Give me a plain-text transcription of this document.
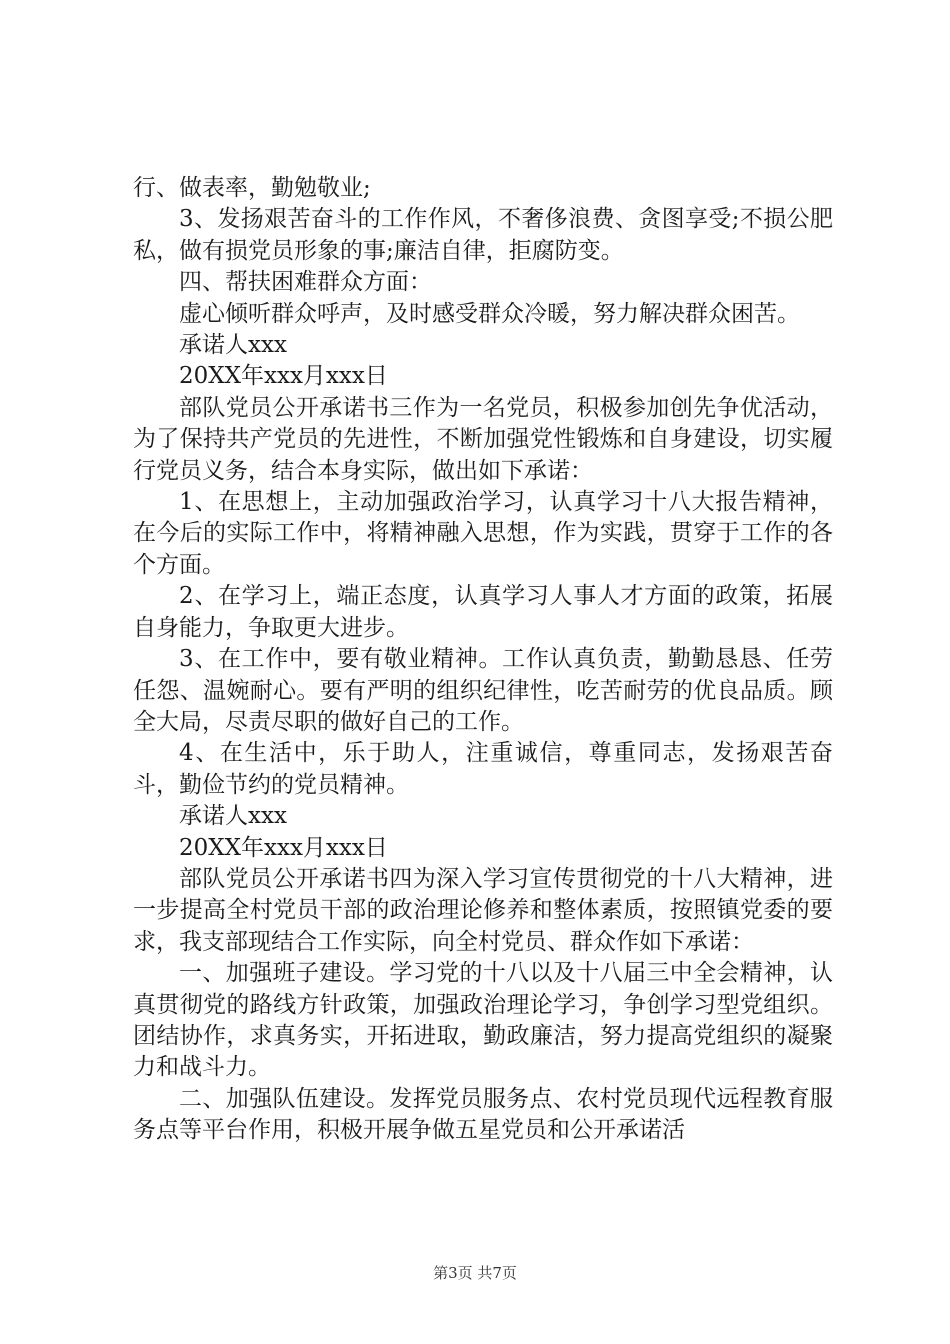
行、做表率，勤勉敬业;

3、发扬艰苦奋斗的工作作风，不奢侈浪费、贪图享受;不损公肥私，做有损党员形象的事;廉洁自律，拒腐防变。

四、帮扶困难群众方面：

虚心倾听群众呼声，及时感受群众冷暖，努力解决群众困苦。

承诺人xxx

20XX年xxx月xxx日

部队党员公开承诺书三作为一名党员，积极参加创先争优活动，为了保持共产党员的先进性，不断加强党性锻炼和自身建设，切实履行党员义务，结合本身实际，做出如下承诺：

1、在思想上，主动加强政治学习，认真学习十八大报告精神，在今后的实际工作中，将精神融入思想，作为实践，贯穿于工作的各个方面。

2、在学习上，端正态度，认真学习人事人才方面的政策，拓展自身能力，争取更大进步。

3、在工作中，要有敬业精神。工作认真负责，勤勤恳恳、任劳任怨、温婉耐心。要有严明的组织纪律性，吃苦耐劳的优良品质。顾全大局，尽责尽职的做好自己的工作。

4、在生活中，乐于助人，注重诚信，尊重同志，发扬艰苦奋斗，勤俭节约的党员精神。

承诺人xxx

20XX年xxx月xxx日

部队党员公开承诺书四为深入学习宣传贯彻党的十八大精神，进一步提高全村党员干部的政治理论修养和整体素质，按照镇党委的要求，我支部现结合工作实际，向全村党员、群众作如下承诺：

一、加强班子建设。学习党的十八以及十八届三中全会精神，认真贯彻党的路线方针政策，加强政治理论学习，争创学习型党组织。团结协作，求真务实，开拓进取，勤政廉洁，努力提高党组织的凝聚力和战斗力。

二、加强队伍建设。发挥党员服务点、农村党员现代远程教育服务点等平台作用，积极开展争做五星党员和公开承诺活

第3页 共7页
